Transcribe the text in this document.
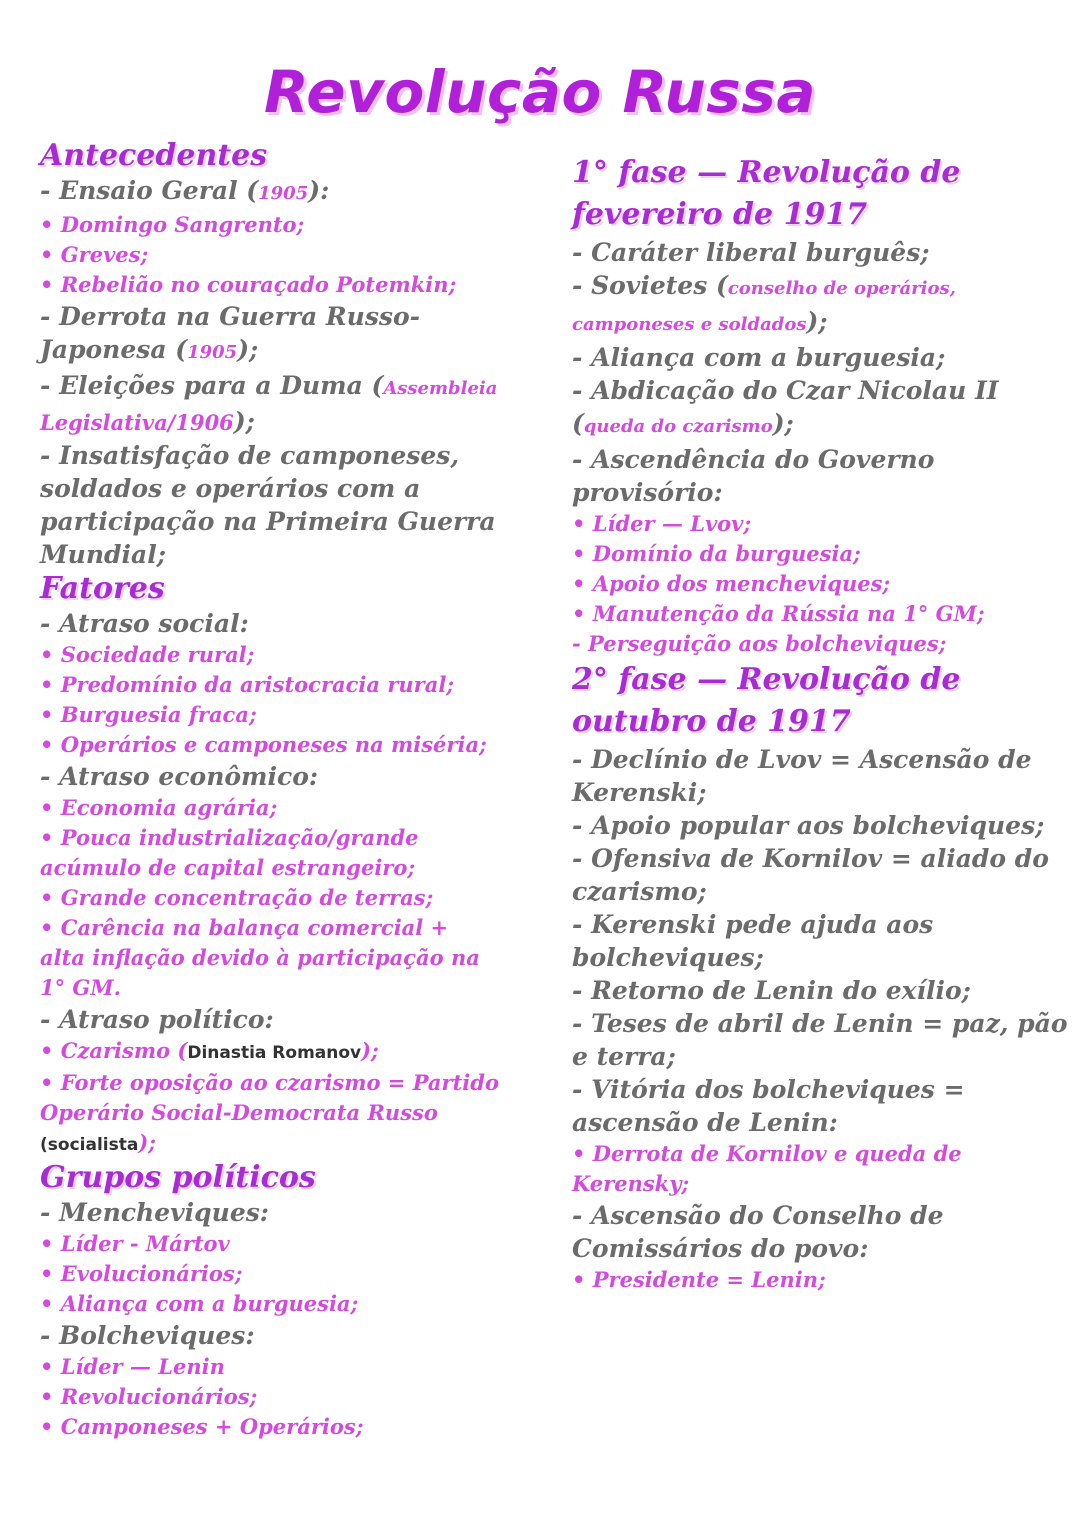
Revolução Russa
Antecedentes
- Ensaio Geral (1905):
• Domingo Sangrento;
• Greves;
• Rebelião no couraçado Potemkin;
- Derrota na Guerra Russo-
Japonesa (1905);
- Eleições para a Duma (Assembleia
Legislativa/1906);
- Insatisfação de camponeses,
soldados e operários com a
participação na Primeira Guerra
Mundial;
Fatores
- Atraso social:
• Sociedade rural;
• Predomínio da aristocracia rural;
• Burguesia fraca;
• Operários e camponeses na miséria;
- Atraso econômico:
• Economia agrária;
• Pouca industrialização/grande
acúmulo de capital estrangeiro;
• Grande concentração de terras;
• Carência na balança comercial +
alta inflação devido à participação na
1° GM.
- Atraso político:
• Czarismo (Dinastia Romanov);
• Forte oposição ao czarismo = Partido
Operário Social-Democrata Russo
(socialista);
Grupos políticos
- Mencheviques:
• Líder - Mártov
• Evolucionários;
• Aliança com a burguesia;
- Bolcheviques:
• Líder — Lenin
• Revolucionários;
• Camponeses + Operários;
1° fase — Revolução de
fevereiro de 1917
- Caráter liberal burguês;
- Sovietes (conselho de operários,
camponeses e soldados);
- Aliança com a burguesia;
- Abdicação do Czar Nicolau II
(queda do czarismo);
- Ascendência do Governo
provisório:
• Líder — Lvov;
• Domínio da burguesia;
• Apoio dos mencheviques;
• Manutenção da Rússia na 1° GM;
- Perseguição aos bolcheviques;
2° fase — Revolução de
outubro de 1917
- Declínio de Lvov = Ascensão de
Kerenski;
- Apoio popular aos bolcheviques;
- Ofensiva de Kornilov = aliado do
czarismo;
- Kerenski pede ajuda aos
bolcheviques;
- Retorno de Lenin do exílio;
- Teses de abril de Lenin = paz, pão
e terra;
- Vitória dos bolcheviques =
ascensão de Lenin:
• Derrota de Kornilov e queda de
Kerensky;
- Ascensão do Conselho de
Comissários do povo:
• Presidente = Lenin;
